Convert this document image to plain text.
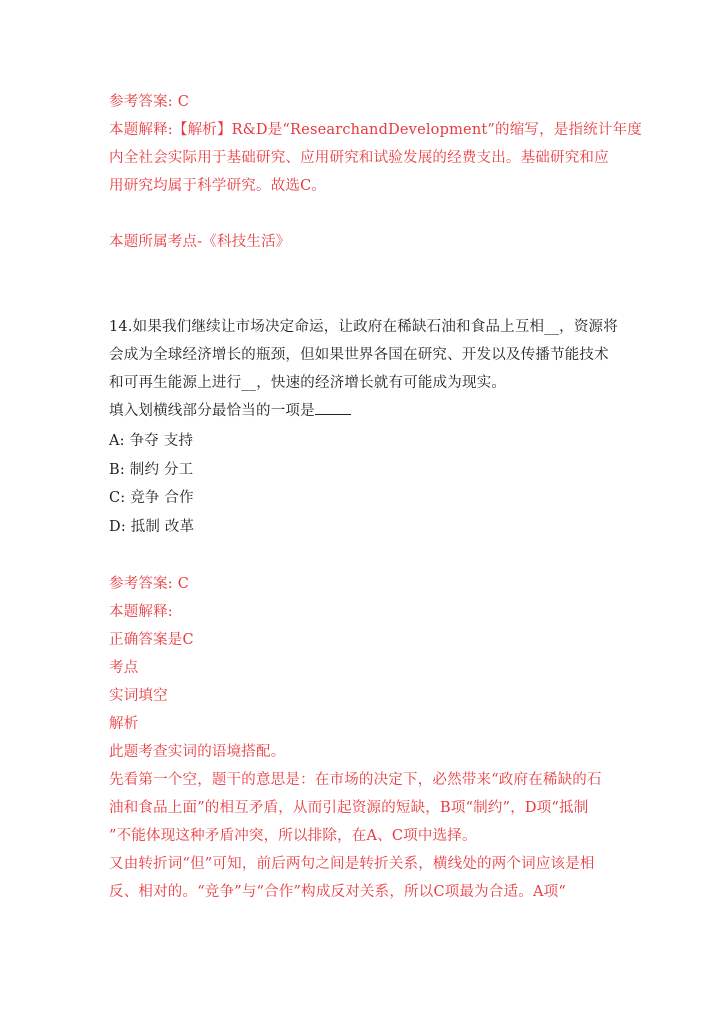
参考答案: C
本题解释:【解析】R&D是“ResearchandDevelopment”的缩写，是指统计年度
内全社会实际用于基础研究、应用研究和试验发展的经费支出。基础研究和应
用研究均属于科学研究。故选C。
本题所属考点-《科技生活》
14.如果我们继续让市场决定命运，让政府在稀缺石油和食品上互相__，资源将
会成为全球经济增长的瓶颈，但如果世界各国在研究、开发以及传播节能技术
和可再生能源上进行__，快速的经济增长就有可能成为现实。
填入划横线部分最恰当的一项是
A: 争夺 支持
B: 制约 分工
C: 竞争 合作
D: 抵制 改革
参考答案: C
本题解释:
正确答案是C
考点
实词填空
解析
此题考查实词的语境搭配。
先看第一个空，题干的意思是：在市场的决定下，必然带来“政府在稀缺的石
油和食品上面”的相互矛盾，从而引起资源的短缺，B项“制约”，D项“抵制
”不能体现这种矛盾冲突，所以排除，在A、C项中选择。
又由转折词“但”可知，前后两句之间是转折关系，横线处的两个词应该是相
反、相对的。“竞争”与“合作”构成反对关系，所以C项最为合适。A项“
